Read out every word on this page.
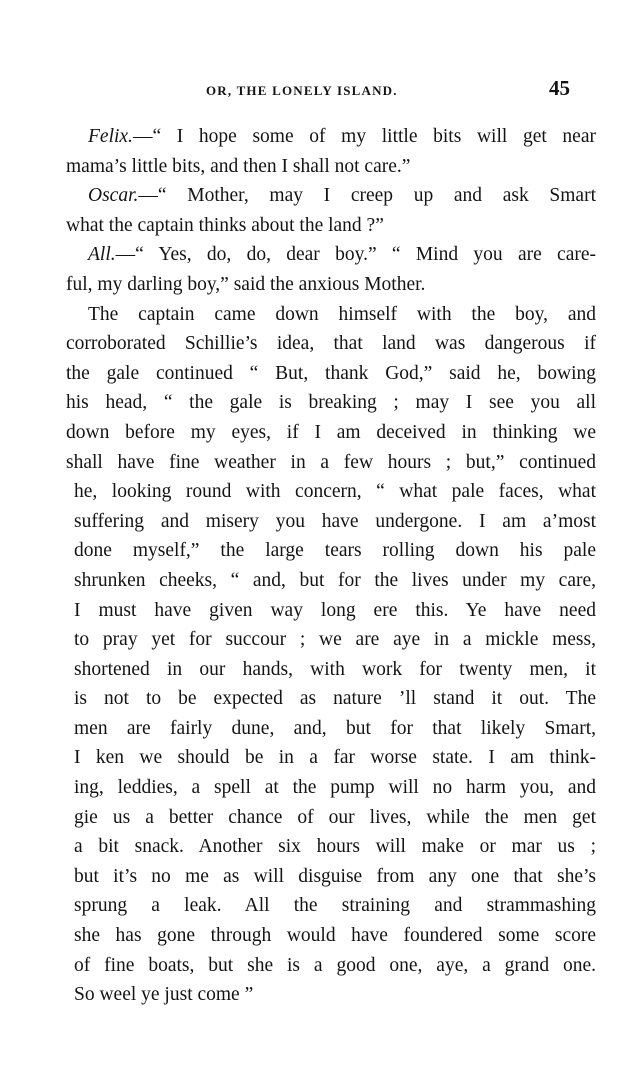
OR, THE LONELY ISLAND.	45
Felix.—“ I hope some of my little bits will get near
mama’s little bits, and then I shall not care.”
Oscar.—“ Mother, may I creep up and ask Smart
what the captain thinks about the land ?”
All.—“ Yes, do, do, dear boy.” “ Mind you are care-
ful, my darling boy,” said the anxious Mother.
The captain came down himself with the boy, and
corroborated Schillie’s idea, that land was dangerous if
the gale continued “ But, thank God,” said he, bowing
his head, “ the gale is breaking ; may I see you all
down before my eyes, if I am deceived in thinking we
shall have fine weather in a few hours ; but,” continued
he, looking round with concern, “ what pale faces, what
suffering and misery you have undergone. I am a’most
done myself,” the large tears rolling down his pale
shrunken cheeks, “ and, but for the lives under my care,
I must have given way long ere this. Ye have need
to pray yet for succour ; we are aye in a mickle mess,
shortened in our hands, with work for twenty men, it
is not to be expected as nature ’ll stand it out. The
men are fairly dune, and, but for that likely Smart,
I ken we should be in a far worse state. I am think-
ing, leddies, a spell at the pump will no harm you, and
gie us a better chance of our lives, while the men get
a bit snack. Another six hours will make or mar us ;
but it’s no me as will disguise from any one that she’s
sprung a leak. All the straining and strammashing
she has gone through would have foundered some score
of fine boats, but she is a good one, aye, a grand one.
So weel ye just come ”
